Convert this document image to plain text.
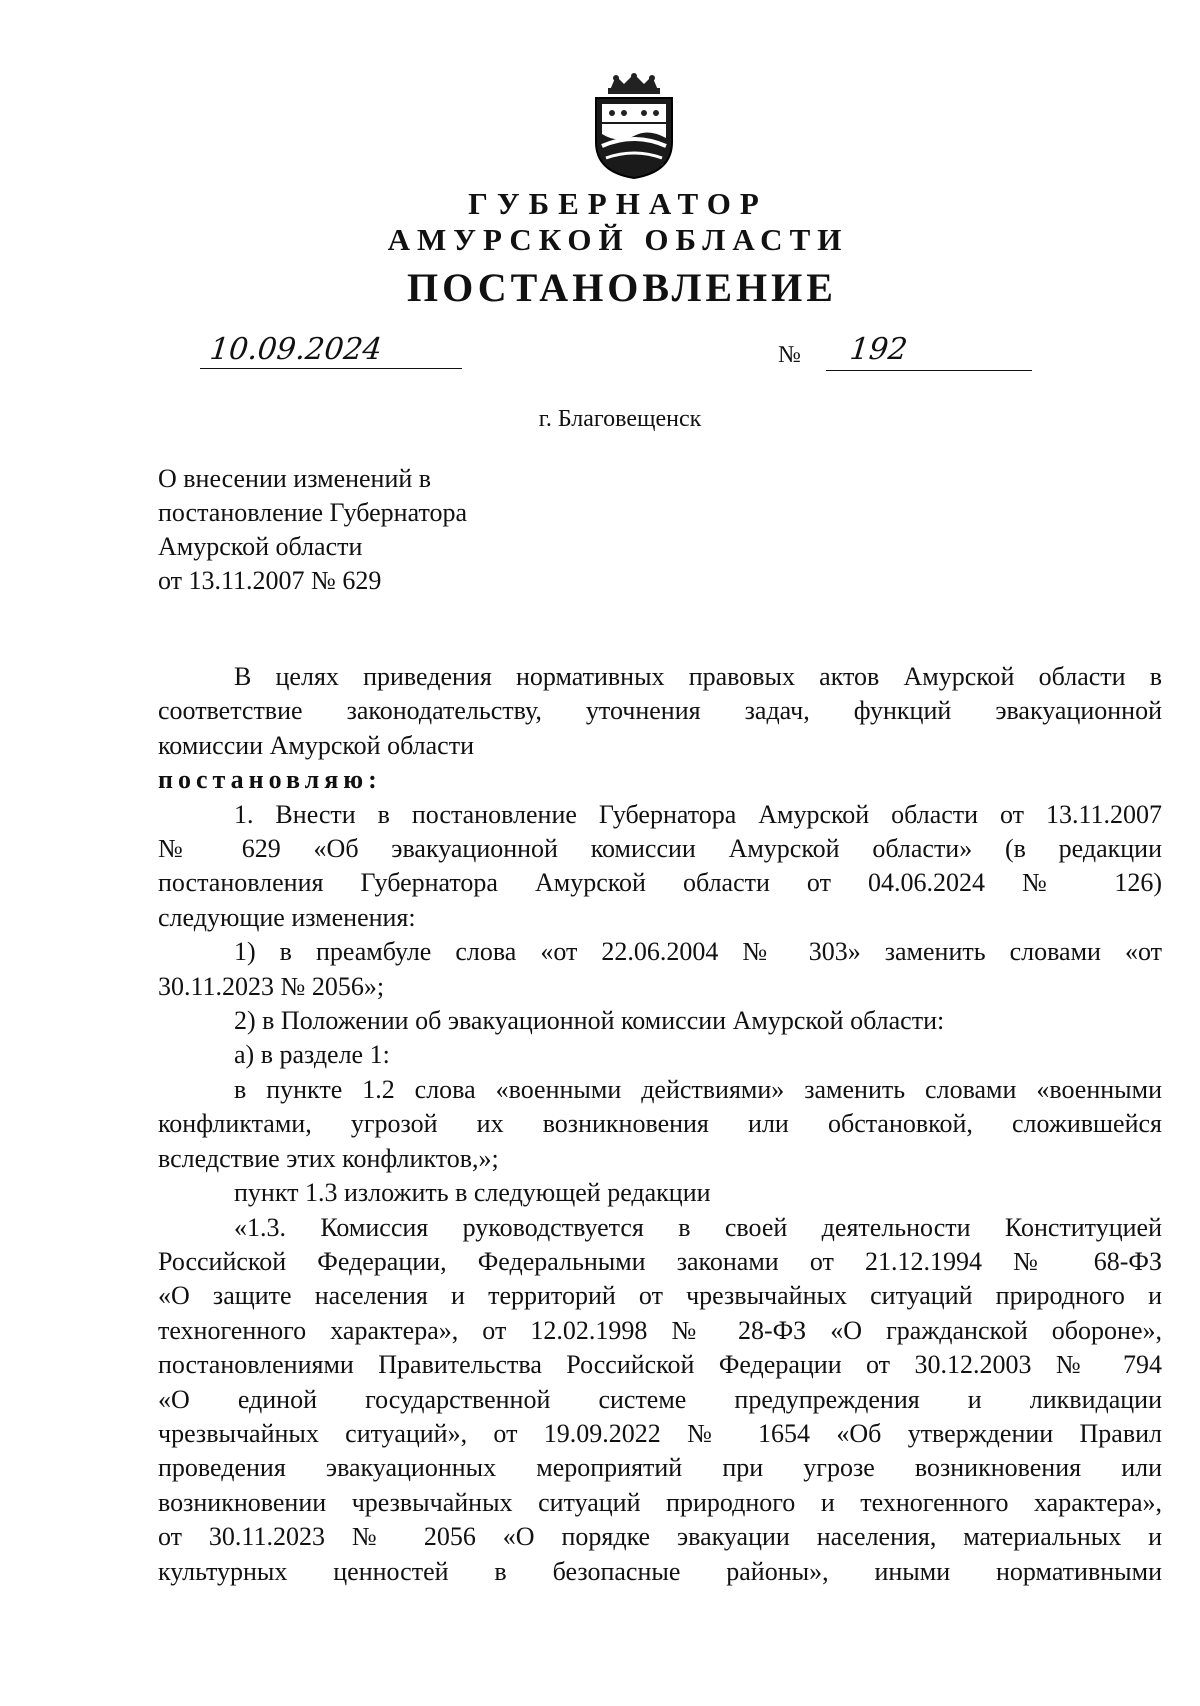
ГУБЕРНАТОР
АМУРСКОЙ ОБЛАСТИ
ПОСТАНОВЛЕНИЕ
10.09.2024	№ 192
г. Благовещенск
О внесении изменений в
постановление Губернатора
Амурской области
от 13.11.2007 № 629
В целях приведения нормативных правовых актов Амурской области в
соответствие законодательству, уточнения задач, функций эвакуационной
комиссии Амурской области
постановляю:
1. Внести в постановление Губернатора Амурской области от 13.11.2007
№ 629 «Об эвакуационной комиссии Амурской области» (в редакции
постановления Губернатора Амурской области от 04.06.2024 № 126)
следующие изменения:
1) в преамбуле слова «от 22.06.2004 № 303» заменить словами «от
30.11.2023 № 2056»;
2) в Положении об эвакуационной комиссии Амурской области:
а) в разделе 1:
в пункте 1.2 слова «военными действиями» заменить словами «военными
конфликтами, угрозой их возникновения или обстановкой, сложившейся
вследствие этих конфликтов,»;
пункт 1.3 изложить в следующей редакции
«1.3. Комиссия руководствуется в своей деятельности Конституцией
Российской Федерации, Федеральными законами от 21.12.1994 № 68-ФЗ
«О защите населения и территорий от чрезвычайных ситуаций природного и
техногенного характера», от 12.02.1998 № 28-ФЗ «О гражданской обороне»,
постановлениями Правительства Российской Федерации от 30.12.2003 № 794
«О единой государственной системе предупреждения и ликвидации
чрезвычайных ситуаций», от 19.09.2022 № 1654 «Об утверждении Правил
проведения эвакуационных мероприятий при угрозе возникновения или
возникновении чрезвычайных ситуаций природного и техногенного характера»,
от 30.11.2023 № 2056 «О порядке эвакуации населения, материальных и
культурных ценностей в безопасные районы», иными нормативными
